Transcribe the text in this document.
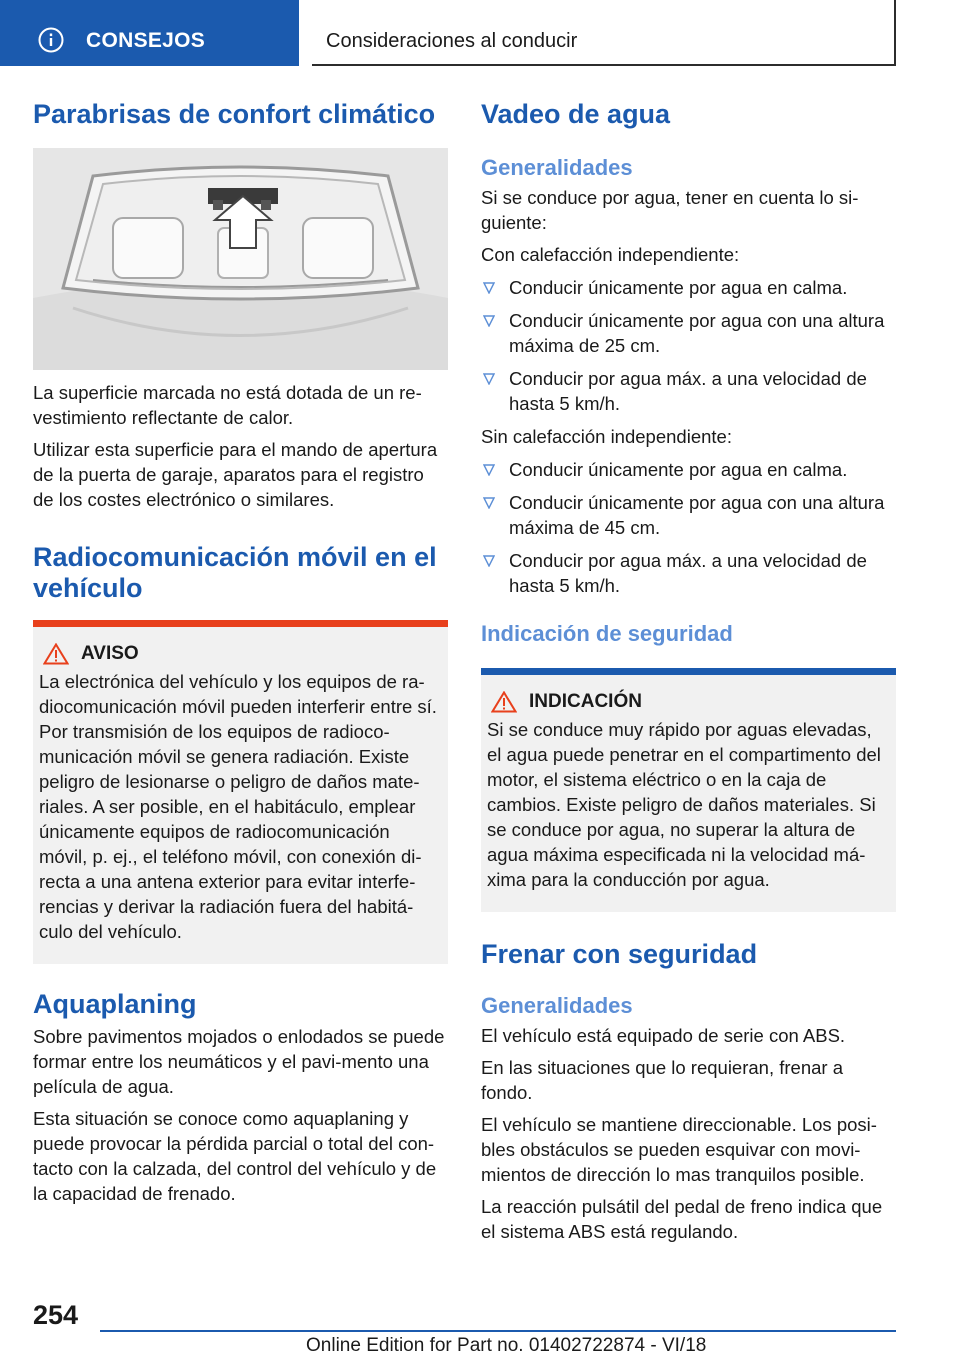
CONSEJOS	Consideraciones al conducir
Parabrisas de confort climático

La superficie marcada no está dotada de un re-vestimiento reflectante de calor.

Utilizar esta superficie para el mando de apertura de la puerta de garaje, aparatos para el registro de los costes electrónico o similares.

Radiocomunicación móvil en el vehículo
AVISO

La electrónica del vehículo y los equipos de ra-diocomunicación móvil pueden interferir entre sí. Por transmisión de los equipos de radioco-municación móvil se genera radiación. Existe peligro de lesionarse o peligro de daños mate-riales. A ser posible, en el habitáculo, emplear únicamente equipos de radiocomunicación móvil, p. ej., el teléfono móvil, con conexión di-recta a una antena exterior para evitar interfe-rencias y derivar la radiación fuera del habitá-culo del vehículo.

Aquaplaning

Sobre pavimentos mojados o enlodados se puede formar entre los neumáticos y el pavi-mento una película de agua.

Esta situación se conoce como aquaplaning y puede provocar la pérdida parcial o total del con-tacto con la calzada, del control del vehículo y de la capacidad de frenado.

Vadeo de agua
Generalidades

Si se conduce por agua, tener en cuenta lo si-guiente:

Con calefacción independiente:

Conducir únicamente por agua en calma.
Conducir únicamente por agua con una altura máxima de 25 cm.
Conducir por agua máx. a una velocidad de hasta 5 km/h.

Sin calefacción independiente:

Conducir únicamente por agua en calma.
Conducir únicamente por agua con una altura máxima de 45 cm.
Conducir por agua máx. a una velocidad de hasta 5 km/h.
Indicación de seguridad
INDICACIÓN

Si se conduce muy rápido por aguas elevadas, el agua puede penetrar en el compartimento del motor, el sistema eléctrico o en la caja de cambios. Existe peligro de daños materiales. Si se conduce por agua, no superar la altura de agua máxima especificada ni la velocidad má-xima para la conducción por agua.

Frenar con seguridad
Generalidades

El vehículo está equipado de serie con ABS.

En las situaciones que lo requieran, frenar a fondo.

El vehículo se mantiene direccionable. Los posi-bles obstáculos se pueden esquivar con movi-mientos de dirección lo mas tranquilos posible.

La reacción pulsátil del pedal de freno indica que el sistema ABS está regulando.

254
Online Edition for Part no. 01402722874 - VI/18
